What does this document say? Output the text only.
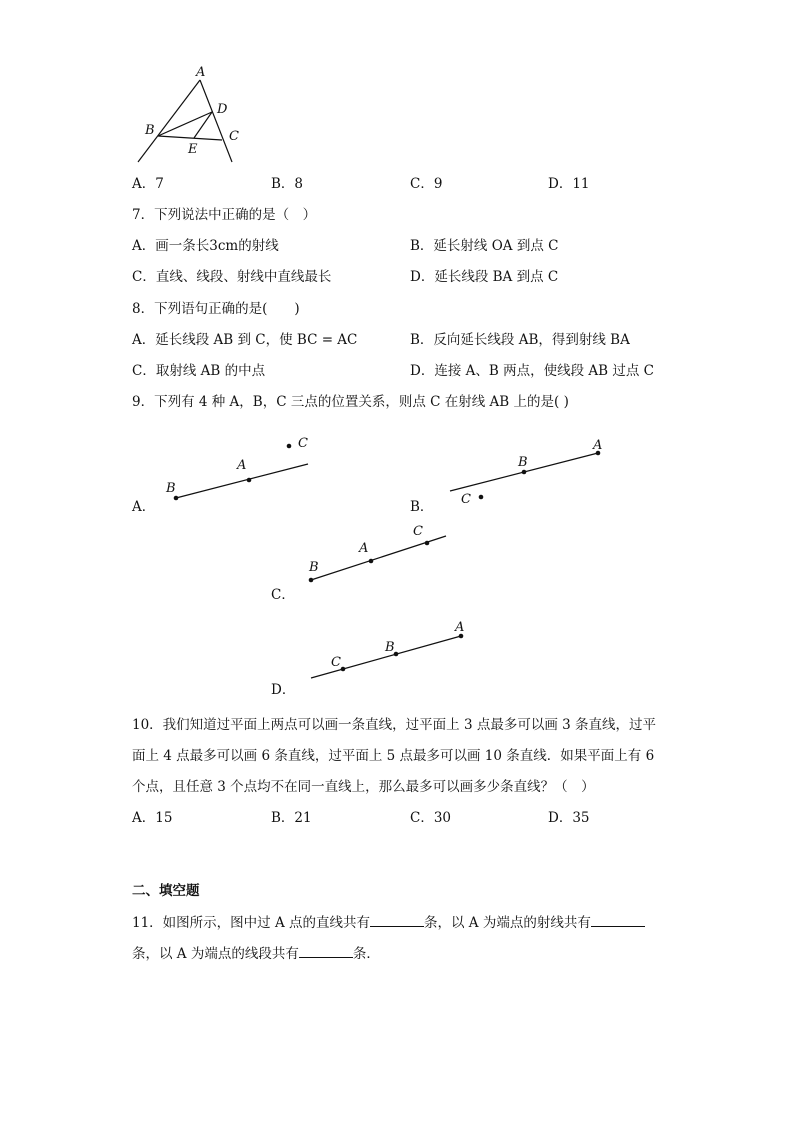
A
B	C
D
E
A．7	B．8	C．9	D．11
7．下列说法中正确的是（　）
A．画一条长3cm的射线	B．延长射线 OA 到点 C
C．直线、线段、射线中直线最长	D．延长线段 BA 到点 C
8．下列语句正确的是(　　)
A．延长线段 AB 到 C，使 BC = AC	B．反向延长线段 AB，得到射线 BA
C．取射线 AB 的中点	D．连接 A、B 两点，使线段 AB 过点 C
9．下列有 4 种 A，B，C 三点的位置关系，则点 C 在射线 AB 上的是( )
B
A
C
B
A
C
B
A
C
C
B
A
A．	B．
C．
D．
10．我们知道过平面上两点可以画一条直线，过平面上 3 点最多可以画 3 条直线，过平
面上 4 点最多可以画 6 条直线，过平面上 5 点最多可以画 10 条直线．如果平面上有 6
个点，且任意 3 个点均不在同一直线上，那么最多可以画多少条直线？（　）
A．15	B．21	C．30	D．35
二、填空题
11．如图所示，图中过 A 点的直线共有	条，以 A 为端点的射线共有
条，以 A 为端点的线段共有	条．
